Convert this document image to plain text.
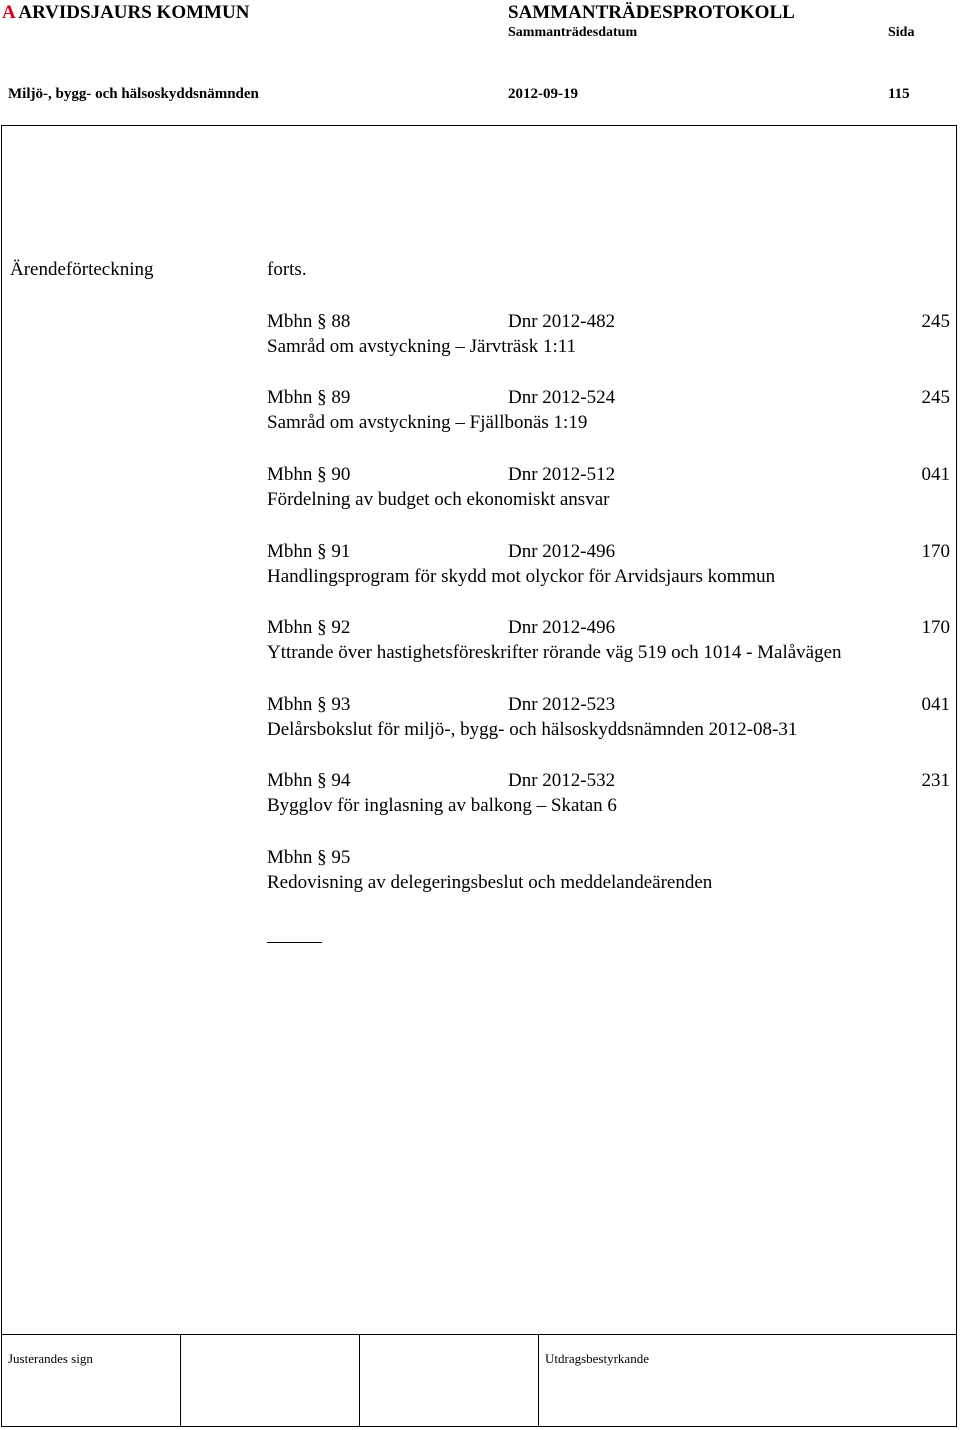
A ARVIDSJAURS KOMMUN	SAMMANTRÄDESPROTOKOLL
Sammanträdesdatum	Sida
Miljö-, bygg- och hälsoskyddsnämnden	2012-09-19	115
Ärendeförteckning	forts.
Mbhn § 88	Dnr 2012-482	245
Samråd om avstyckning – Järvträsk 1:11
Mbhn § 89	Dnr 2012-524	245
Samråd om avstyckning – Fjällbonäs 1:19
Mbhn § 90	Dnr 2012-512	041
Fördelning av budget och ekonomiskt ansvar
Mbhn § 91	Dnr 2012-496	170
Handlingsprogram för skydd mot olyckor för Arvidsjaurs kommun
Mbhn § 92	Dnr 2012-496	170
Yttrande över hastighetsföreskrifter rörande väg 519 och 1014 - Malåvägen
Mbhn § 93	Dnr 2012-523	041
Delårsbokslut för miljö-, bygg- och hälsoskyddsnämnden 2012-08-31
Mbhn § 94	Dnr 2012-532	231
Bygglov för inglasning av balkong – Skatan 6
Mbhn § 95
Redovisning av delegeringsbeslut och meddelandeärenden
Justerandes sign	Utdragsbestyrkande
